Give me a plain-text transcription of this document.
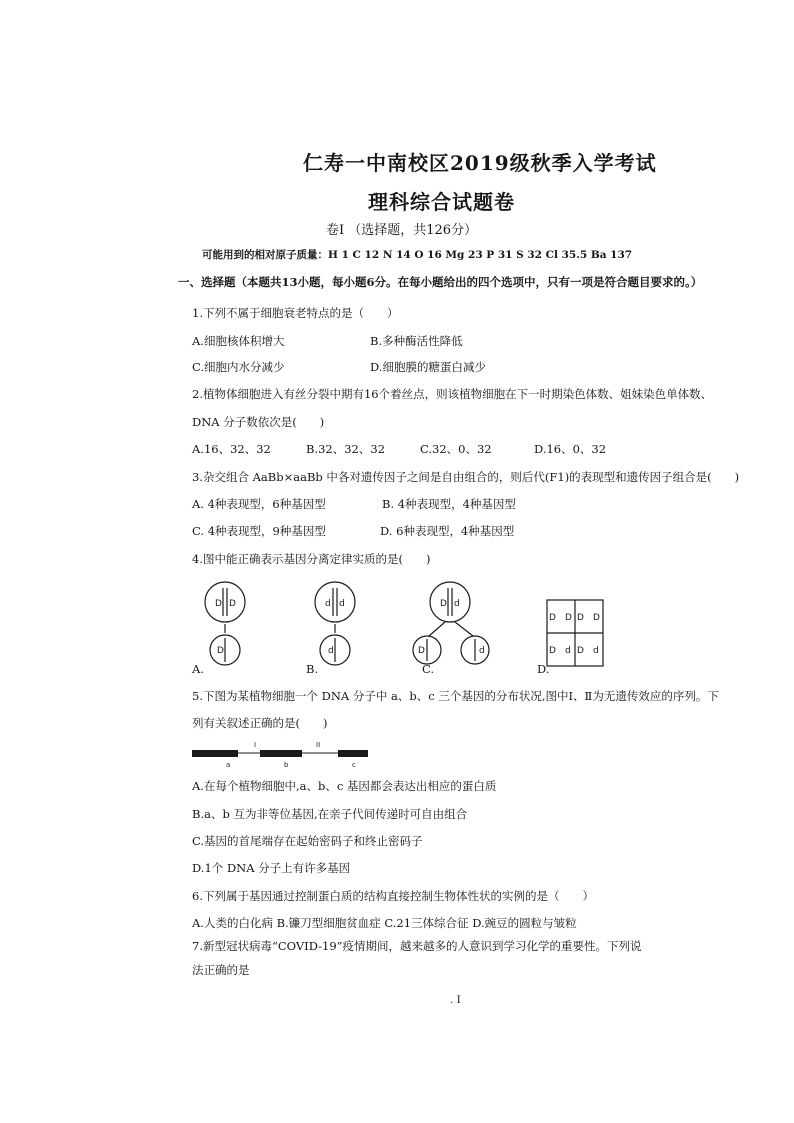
仁寿一中南校区2019级秋季入学考试
理科综合试题卷
卷Ⅰ （选择题，共126分）
可能用到的相对原子质量：H 1 C 12 N 14 O 16 Mg 23 P 31 S 32 Cl 35.5 Ba 137
一、选择题（本题共13小题，每小题6分。在每小题给出的四个选项中，只有一项是符合题目要求的。）
1.下列不属于细胞衰老特点的是（　　）
A.细胞核体积增大	B.多种酶活性降低
C.细胞内水分减少	D.细胞膜的糖蛋白减少
2.植物体细胞进入有丝分裂中期有16个着丝点，则该植物细胞在下一时期染色体数、姐妹染色单体数、
DNA 分子数依次是(　　)
A.16、32、32	B.32、32、32	C.32、0、32	D.16、0、32
3.杂交组合 AaBb×aaBb 中各对遗传因子之间是自由组合的，则后代(F1)的表现型和遗传因子组合是(　　)
A. 4种表现型，6种基因型	B. 4种表现型，4种基因型
C. 4种表现型，9种基因型	D. 6种表现型，4种基因型
4.图中能正确表示基因分离定律实质的是(　　)
D D
D
d d
d
D d
D	d
D D D D
D d D d
A.	B.	C.	D.
5.下图为某植物细胞一个 DNA 分子中 a、b、c 三个基因的分布状况,图中Ⅰ、Ⅱ为无遗传效应的序列。下
列有关叙述正确的是(　　)
I	II
a	b	c
A.在每个植物细胞中,a、b、c 基因都会表达出相应的蛋白质
B.a、b 互为非等位基因,在亲子代间传递时可自由组合
C.基因的首尾端存在起始密码子和终止密码子
D.1个 DNA 分子上有许多基因
6.下列属于基因通过控制蛋白质的结构直接控制生物体性状的实例的是（　　）
A.人类的白化病 B.镰刀型细胞贫血症 C.21三体综合征 D.豌豆的圆粒与皱粒
7.新型冠状病毒“COVID-19”疫情期间，越来越多的人意识到学习化学的重要性。下列说
法正确的是
. I
